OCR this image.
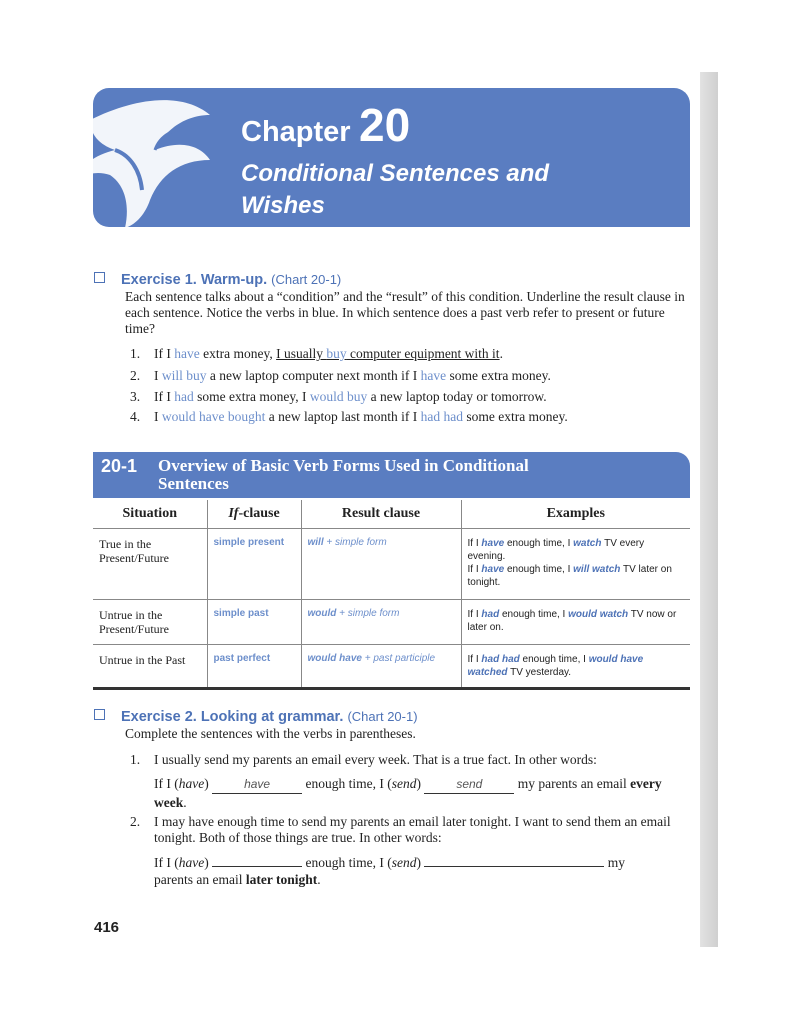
Chapter 20
Conditional Sentences and Wishes
Exercise 1. Warm-up. (Chart 20-1)
Each sentence talks about a “condition” and the “result” of this condition. Underline the result clause in each sentence. Notice the verbs in blue. In which sentence does a past verb refer to present or future time?
1. If I have extra money, I usually buy computer equipment with it.
2. I will buy a new laptop computer next month if I have some extra money.
3. If I had some extra money, I would buy a new laptop today or tomorrow.
4. I would have bought a new laptop last month if I had had some extra money.
20-1 Overview of Basic Verb Forms Used in Conditional Sentences
Situation	If-clause	Result clause	Examples
True in the Present/Future	simple present	will + simple form	If I have enough time, I watch TV every evening.
If I have enough time, I will watch TV later on tonight.

Untrue in the Present/Future	simple past	would + simple form	If I had enough time, I would watch TV now or later on.

Untrue in the Past	past perfect	would have + past participle	If I had had enough time, I would have watched TV yesterday.
Exercise 2. Looking at grammar. (Chart 20-1)
Complete the sentences with the verbs in parentheses.
1. I usually send my parents an email every week. That is a true fact. In other words:
If I (have)	have enough time, I (send)	send my parents an email every week.
2. I may have enough time to send my parents an email later tonight. I want to send them an email tonight. Both of those things are true. In other words:
If I (have)	enough time, I (send)	my parents an email later tonight.
416
